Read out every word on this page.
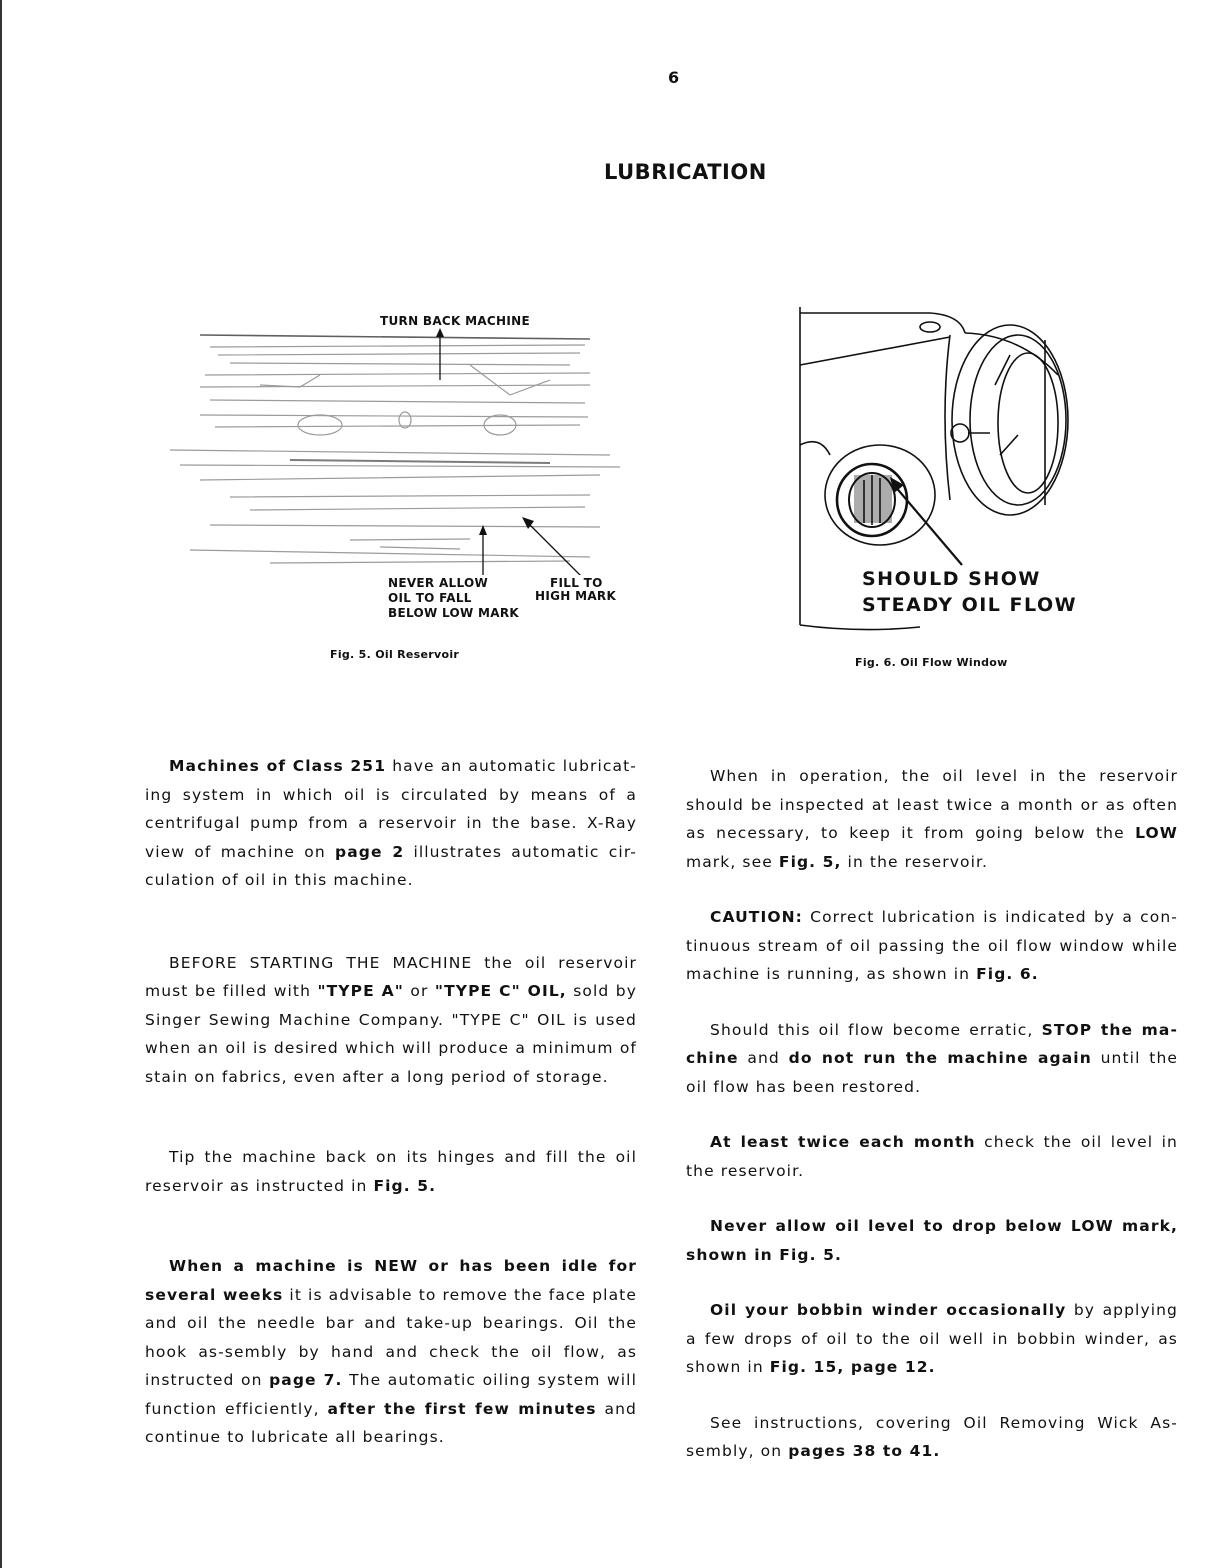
6
LUBRICATION
TURN BACK MACHINE
NEVER ALLOW
OIL TO FALL
BELOW LOW MARK
FILL TO
HIGH MARK
Fig. 5. Oil Reservoir
SHOULD SHOW
STEADY OIL FLOW
Fig. 6. Oil Flow Window

Machines of Class 251 have an automatic lubricat-ing system in which oil is circulated by means of a centrifugal pump from a reservoir in the base. X-Ray view of machine on page 2 illustrates automatic cir-culation of oil in this machine.

BEFORE STARTING THE MACHINE the oil reservoir must be filled with "TYPE A" or "TYPE C" OIL, sold by Singer Sewing Machine Company. "TYPE C" OIL is used when an oil is desired which will produce a minimum of stain on fabrics, even after a long period of storage.

Tip the machine back on its hinges and fill the oil reservoir as instructed in Fig. 5.

When a machine is NEW or has been idle for several weeks it is advisable to remove the face plate and oil the needle bar and take-up bearings. Oil the hook as-sembly by hand and check the oil flow, as instructed on page 7. The automatic oiling system will function efficiently, after the first few minutes and continue to lubricate all bearings.

When in operation, the oil level in the reservoir should be inspected at least twice a month or as often as necessary, to keep it from going below the LOW mark, see Fig. 5, in the reservoir.

CAUTION: Correct lubrication is indicated by a con-tinuous stream of oil passing the oil flow window while machine is running, as shown in Fig. 6.

Should this oil flow become erratic, STOP the ma-chine and do not run the machine again until the oil flow has been restored.

At least twice each month check the oil level in the reservoir.

Never allow oil level to drop below LOW mark, shown in Fig. 5.

Oil your bobbin winder occasionally by applying a few drops of oil to the oil well in bobbin winder, as shown in Fig. 15, page 12.

See instructions, covering Oil Removing Wick As-sembly, on pages 38 to 41.
